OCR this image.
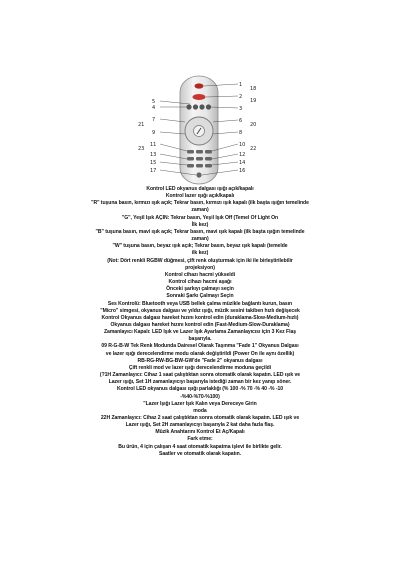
1
2
3
4
5
6
7
8
9
10
11
12
13
14
15
16
17
18
19
20
21
22
23
Kontrol LED okyanus dalgası ışığı açık/kapalı
Kontrol lazer ışığı açık/kapalı
"R" tuşuna basın, kırmızı ışık açık; Tekrar basın, kırmızı ışık kapalı (ilk başta ışığın temelinde
zaman)
"G", Yeşil Işık AÇIN: Tekrar basın, Yeşil Işık Off (Temel Of Light On
İlk kez)
"B" tuşuna basın, mavi ışık açık; Tekrar basın, mavi ışık kapalı (ilk başta ışığın temelinde
zaman)
"W" tuşuna basın, beyaz ışık açık; Tekrar basın, beyaz ışık kapalı (temelde
ilk kez)
(Not: Dört renkli RGBW düğmesi, çift renk oluşturmak için iki ile birleştirilebilir
projeksiyon)
Kontrol cihazı hacmi yükseldi
Kontrol cihazı hacmi aşağı
Önceki şarkıyı çalmayı seçin
Sonraki Şarkı Çalmayı Seçin
Ses Kontrolü: Bluetooth veya USB bellek çalma müzikle bağlantı kurun, basın
"Micro" simgesi, okyanus dalgası ve yıldız ışığı, müzik sesini takiben hızlı değişecek
Kontrol Okyanus dalgası hareket hızını kontrol edin (duraklama-Slow-Medium-hızlı)
Okyanus dalgası hareket hızını kontrol edin (Fast-Medium-Slow-Duraklama)
Zamanlayıcı Kapalı: LED Işık ve Lazer Işık Ayarlama Zamanlayıcısı için 3 Kez Flaş
başarıyla.
09 R-G-B-W Tek Renk Modunda Dairesel Olarak Taşınma "Fade 1" Okyanus Dalgası
ve lazer ışığı derecelendirme modu olarak değiştirildi (Power On ile aynı özellik)
RB-RG-RW-BG-BW-GW'de "Fade 2" okyanus dalgası
Çift renkli mod ve lazer ışığı derecelendirme moduna geçildi
(?1H Zamanlayıcı: Cihaz 1 saat çalıştıktan sonra otomatik olarak kapatın. LED ışık ve
Lazer ışığı, Set 1H zamanlayıcıyı başarıyla istediği zaman bir kez yanıp söner.
Kontrol LED okyanus dalgası ışığı parlaklığı (% 100 -% 70 -% 40 -% -10
-%40-%70-%100)
"Lazer Işığı Lazer Işık Kalın veya Dereceye Girin
moda
22H Zamanlayıcı: Cihaz 2 saat çalıştıktan sonra otomatik olarak kapatın. LED ışık ve
Lazer ışığı, Set 2H zamanlayıcıyı başarıyla 2 kat daha fazla flaş.
Müzik Anahtarını Kontrol Et Aç/Kapalı
Fark etme:
Bu ürün, 4 için çalışan 4 saat otomatik kapatma işlevi ile birlikte gelir.
Saatler ve otomatik olarak kapatın.
